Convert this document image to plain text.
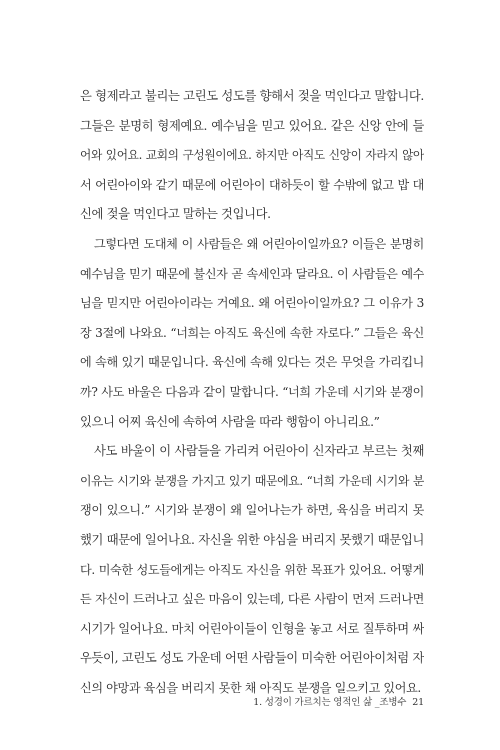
은 형제라고 불리는 고린도 성도를 향해서 젖을 먹인다고 말합니다.
그들은 분명히 형제예요. 예수님을 믿고 있어요. 같은 신앙 안에 들
어와 있어요. 교회의 구성원이에요. 하지만 아직도 신앙이 자라지 않아
서 어린아이와 같기 때문에 어린아이 대하듯이 할 수밖에 없고 밥 대
신에 젖을 먹인다고 말하는 것입니다.
그렇다면 도대체 이 사람들은 왜 어린아이일까요? 이들은 분명히
예수님을 믿기 때문에 불신자 곧 속세인과 달라요. 이 사람들은 예수
님을 믿지만 어린아이라는 거예요. 왜 어린아이일까요? 그 이유가 3
장 3절에 나와요. “너희는 아직도 육신에 속한 자로다.” 그들은 육신
에 속해 있기 때문입니다. 육신에 속해 있다는 것은 무엇을 가리킵니
까? 사도 바울은 다음과 같이 말합니다. “너희 가운데 시기와 분쟁이
있으니 어찌 육신에 속하여 사람을 따라 행함이 아니리요.”
사도 바울이 이 사람들을 가리켜 어린아이 신자라고 부르는 첫째
이유는 시기와 분쟁을 가지고 있기 때문에요. “너희 가운데 시기와 분
쟁이 있으니.” 시기와 분쟁이 왜 일어나는가 하면, 육심을 버리지 못
했기 때문에 일어나요. 자신을 위한 야심을 버리지 못했기 때문입니
다. 미숙한 성도들에게는 아직도 자신을 위한 목표가 있어요. 어떻게
든 자신이 드러나고 싶은 마음이 있는데, 다른 사람이 먼저 드러나면
시기가 일어나요. 마치 어린아이들이 인형을 놓고 서로 질투하며 싸
우듯이, 고린도 성도 가운데 어떤 사람들이 미숙한 어린아이처럼 자
신의 야망과 육심을 버리지 못한 채 아직도 분쟁을 일으키고 있어요.
1. 성경이 가르치는 영적인 삶 _조병수 21
